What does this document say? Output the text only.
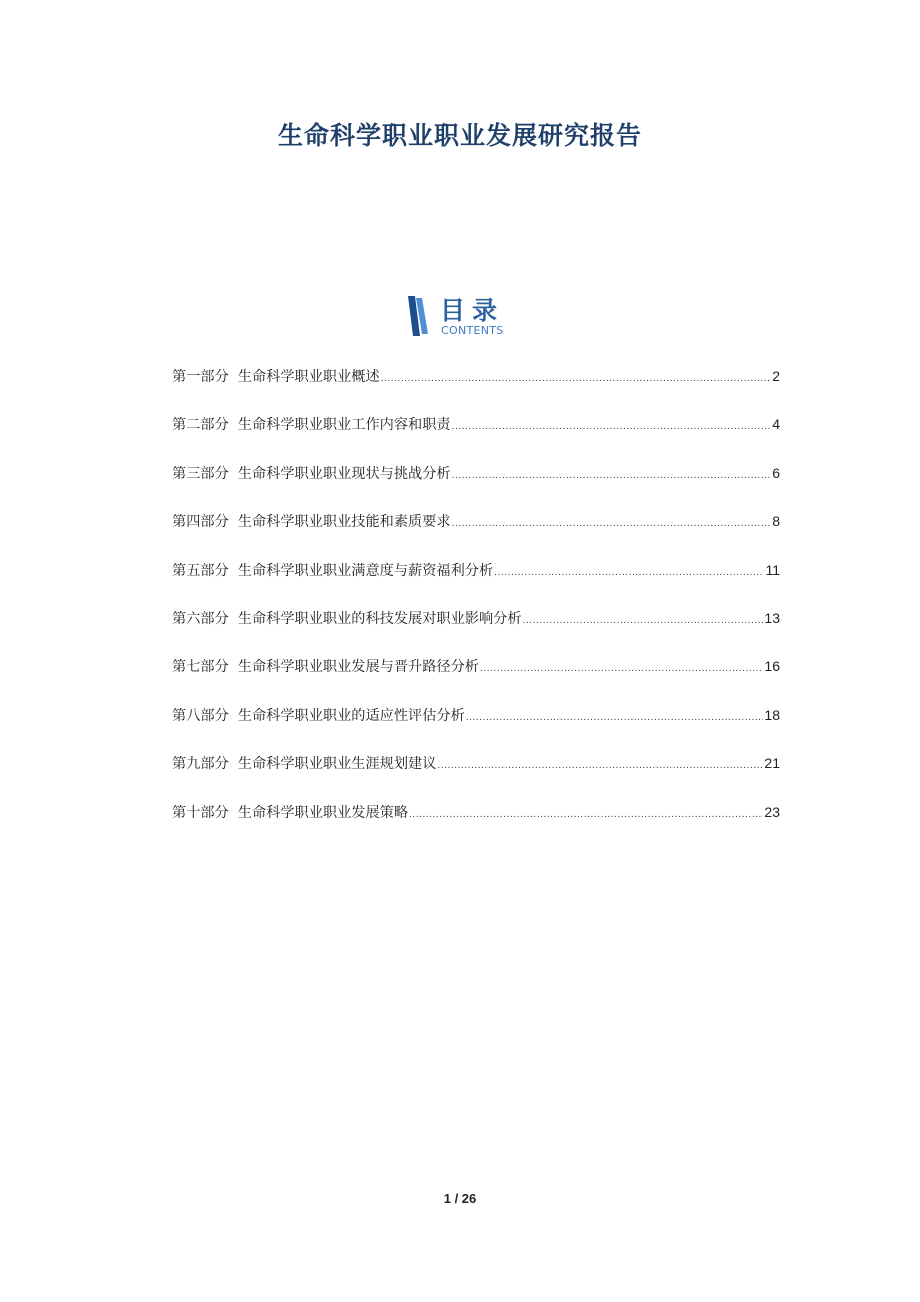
生命科学职业职业发展研究报告
目录
CONTENTS
第一部分 生命科学职业职业概述 .....	2
第二部分 生命科学职业职业工作内容和职责 .....	4
第三部分 生命科学职业职业现状与挑战分析 .....	6
第四部分 生命科学职业职业技能和素质要求 .....	8
第五部分 生命科学职业职业满意度与薪资福利分析 .....	11
第六部分 生命科学职业职业的科技发展对职业影响分析 .....	13
第七部分 生命科学职业职业发展与晋升路径分析 .....	16
第八部分 生命科学职业职业的适应性评估分析 .....	18
第九部分 生命科学职业职业生涯规划建议 .....	21
第十部分 生命科学职业职业发展策略 .....	23
1 / 26
